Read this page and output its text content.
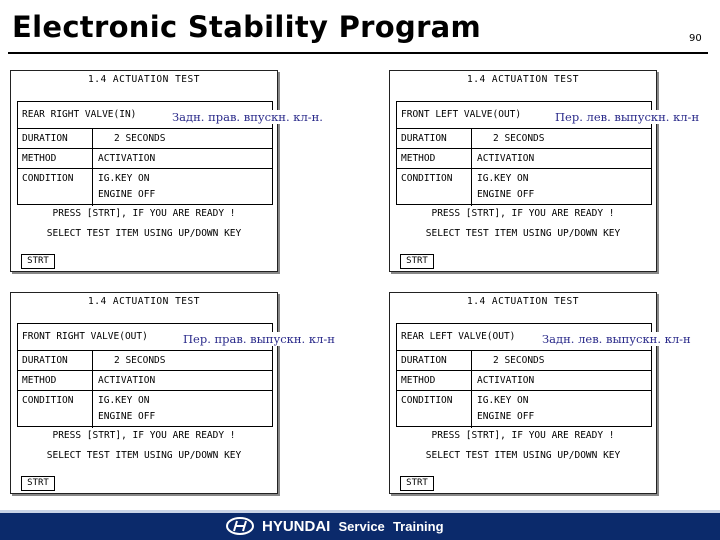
Electronic Stability Program	90
1.4 ACTUATION TEST
REAR RIGHT VALVE(IN)
DURATION	2 SECONDS
METHOD	ACTIVATION
CONDITION	IG.KEY ON
ENGINE OFF
PRESS [STRT], IF YOU ARE READY !
SELECT TEST ITEM USING UP/DOWN KEY
STRT
Задн. прав. впускн. кл-н.
1.4 ACTUATION TEST
FRONT LEFT VALVE(OUT)
DURATION	2 SECONDS
METHOD	ACTIVATION
CONDITION	IG.KEY ON
ENGINE OFF
PRESS [STRT], IF YOU ARE READY !
SELECT TEST ITEM USING UP/DOWN KEY
STRT
Пер. лев. выпускн. кл-н
1.4 ACTUATION TEST
FRONT RIGHT VALVE(OUT)
DURATION	2 SECONDS
METHOD	ACTIVATION
CONDITION	IG.KEY ON
ENGINE OFF
PRESS [STRT], IF YOU ARE READY !
SELECT TEST ITEM USING UP/DOWN KEY
STRT
Пер. прав. выпускн. кл-н
1.4 ACTUATION TEST
REAR LEFT VALVE(OUT)
DURATION	2 SECONDS
METHOD	ACTIVATION
CONDITION	IG.KEY ON
ENGINE OFF
PRESS [STRT], IF YOU ARE READY !
SELECT TEST ITEM USING UP/DOWN KEY
STRT
Задн. лев. выпускн. кл-н
HYUNDAI Service Training
